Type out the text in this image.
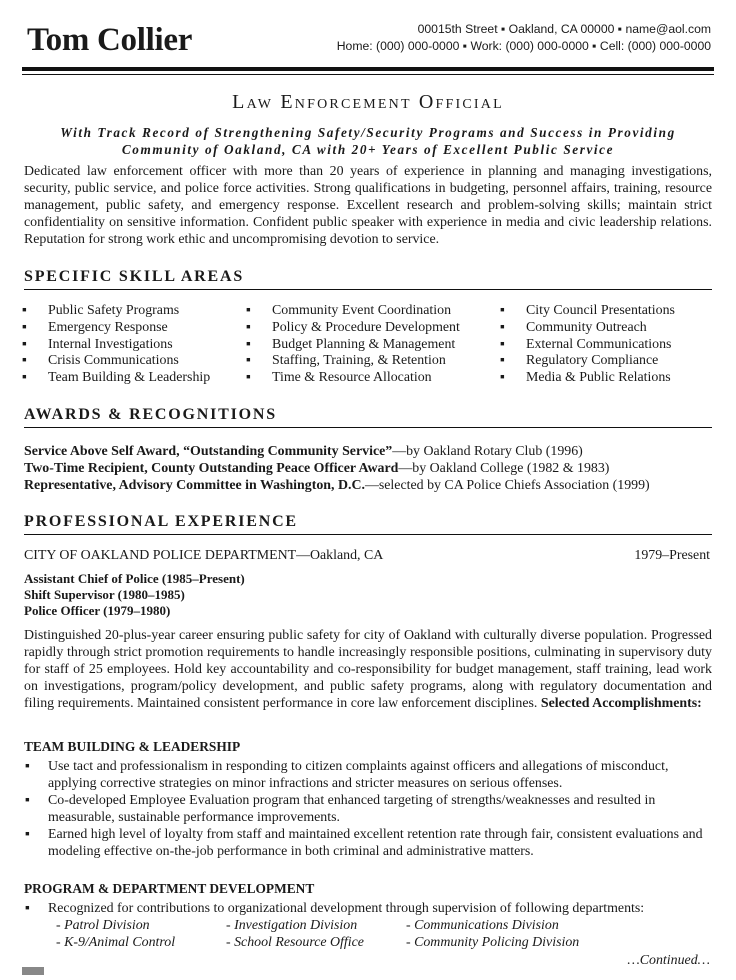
Tom Collier	00015th Street ▪ Oakland, CA 00000 ▪ name@aol.com
Home: (000) 000-0000 ▪ Work: (000) 000-0000 ▪ Cell: (000) 000-0000
Law Enforcement Official
With Track Record of Strengthening Safety/Security Programs and Success in Providing Community of Oakland, CA with 20+ Years of Excellent Public Service
Dedicated law enforcement officer with more than 20 years of experience in planning and managing investigations, security, public service, and police force activities. Strong qualifications in budgeting, personnel affairs, training, resource management, public safety, and emergency response. Excellent research and problem-solving skills; maintain strict confidentiality on sensitive information. Confident public speaker with experience in media and civic leadership relations. Reputation for strong work ethic and uncompromising devotion to service.
SPECIFIC SKILL AREAS
▪ Public Safety Programs
▪ Emergency Response
▪ Internal Investigations
▪ Crisis Communications
▪ Team Building & Leadership
▪ Community Event Coordination
▪ Policy & Procedure Development
▪ Budget Planning & Management
▪ Staffing, Training, & Retention
▪ Time & Resource Allocation
▪ City Council Presentations
▪ Community Outreach
▪ External Communications
▪ Regulatory Compliance
▪ Media & Public Relations
AWARDS & RECOGNITIONS
Service Above Self Award, “Outstanding Community Service”—by Oakland Rotary Club (1996)
Two-Time Recipient, County Outstanding Peace Officer Award—by Oakland College (1982 & 1983)
Representative, Advisory Committee in Washington, D.C.—selected by CA Police Chiefs Association (1999)
PROFESSIONAL EXPERIENCE
CITY OF OAKLAND POLICE DEPARTMENT—Oakland, CA	1979–Present
Assistant Chief of Police (1985–Present)
Shift Supervisor (1980–1985)
Police Officer (1979–1980)
Distinguished 20-plus-year career ensuring public safety for city of Oakland with culturally diverse population. Progressed rapidly through strict promotion requirements to handle increasingly responsible positions, culminating in supervisory duty for staff of 25 employees. Hold key accountability and co-responsibility for budget management, staff training, lead work on investigations, program/policy development, and public safety programs, along with regulatory documentation and filing requirements. Maintained consistent performance in core law enforcement disciplines. Selected Accomplishments:
TEAM BUILDING & LEADERSHIP
▪ Use tact and professionalism in responding to citizen complaints against officers and allegations of misconduct, applying corrective strategies on minor infractions and stricter measures on serious offenses.
▪ Co-developed Employee Evaluation program that enhanced targeting of strengths/weaknesses and resulted in measurable, sustainable performance improvements.
▪ Earned high level of loyalty from staff and maintained excellent retention rate through fair, consistent evaluations and modeling effective on-the-job performance in both criminal and administrative matters.
PROGRAM & DEPARTMENT DEVELOPMENT
▪ Recognized for contributions to organizational development through supervision of following departments:
- Patrol Division	- Investigation Division	- Communications Division
- K-9/Animal Control	- School Resource Office	- Community Policing Division
…Continued…
